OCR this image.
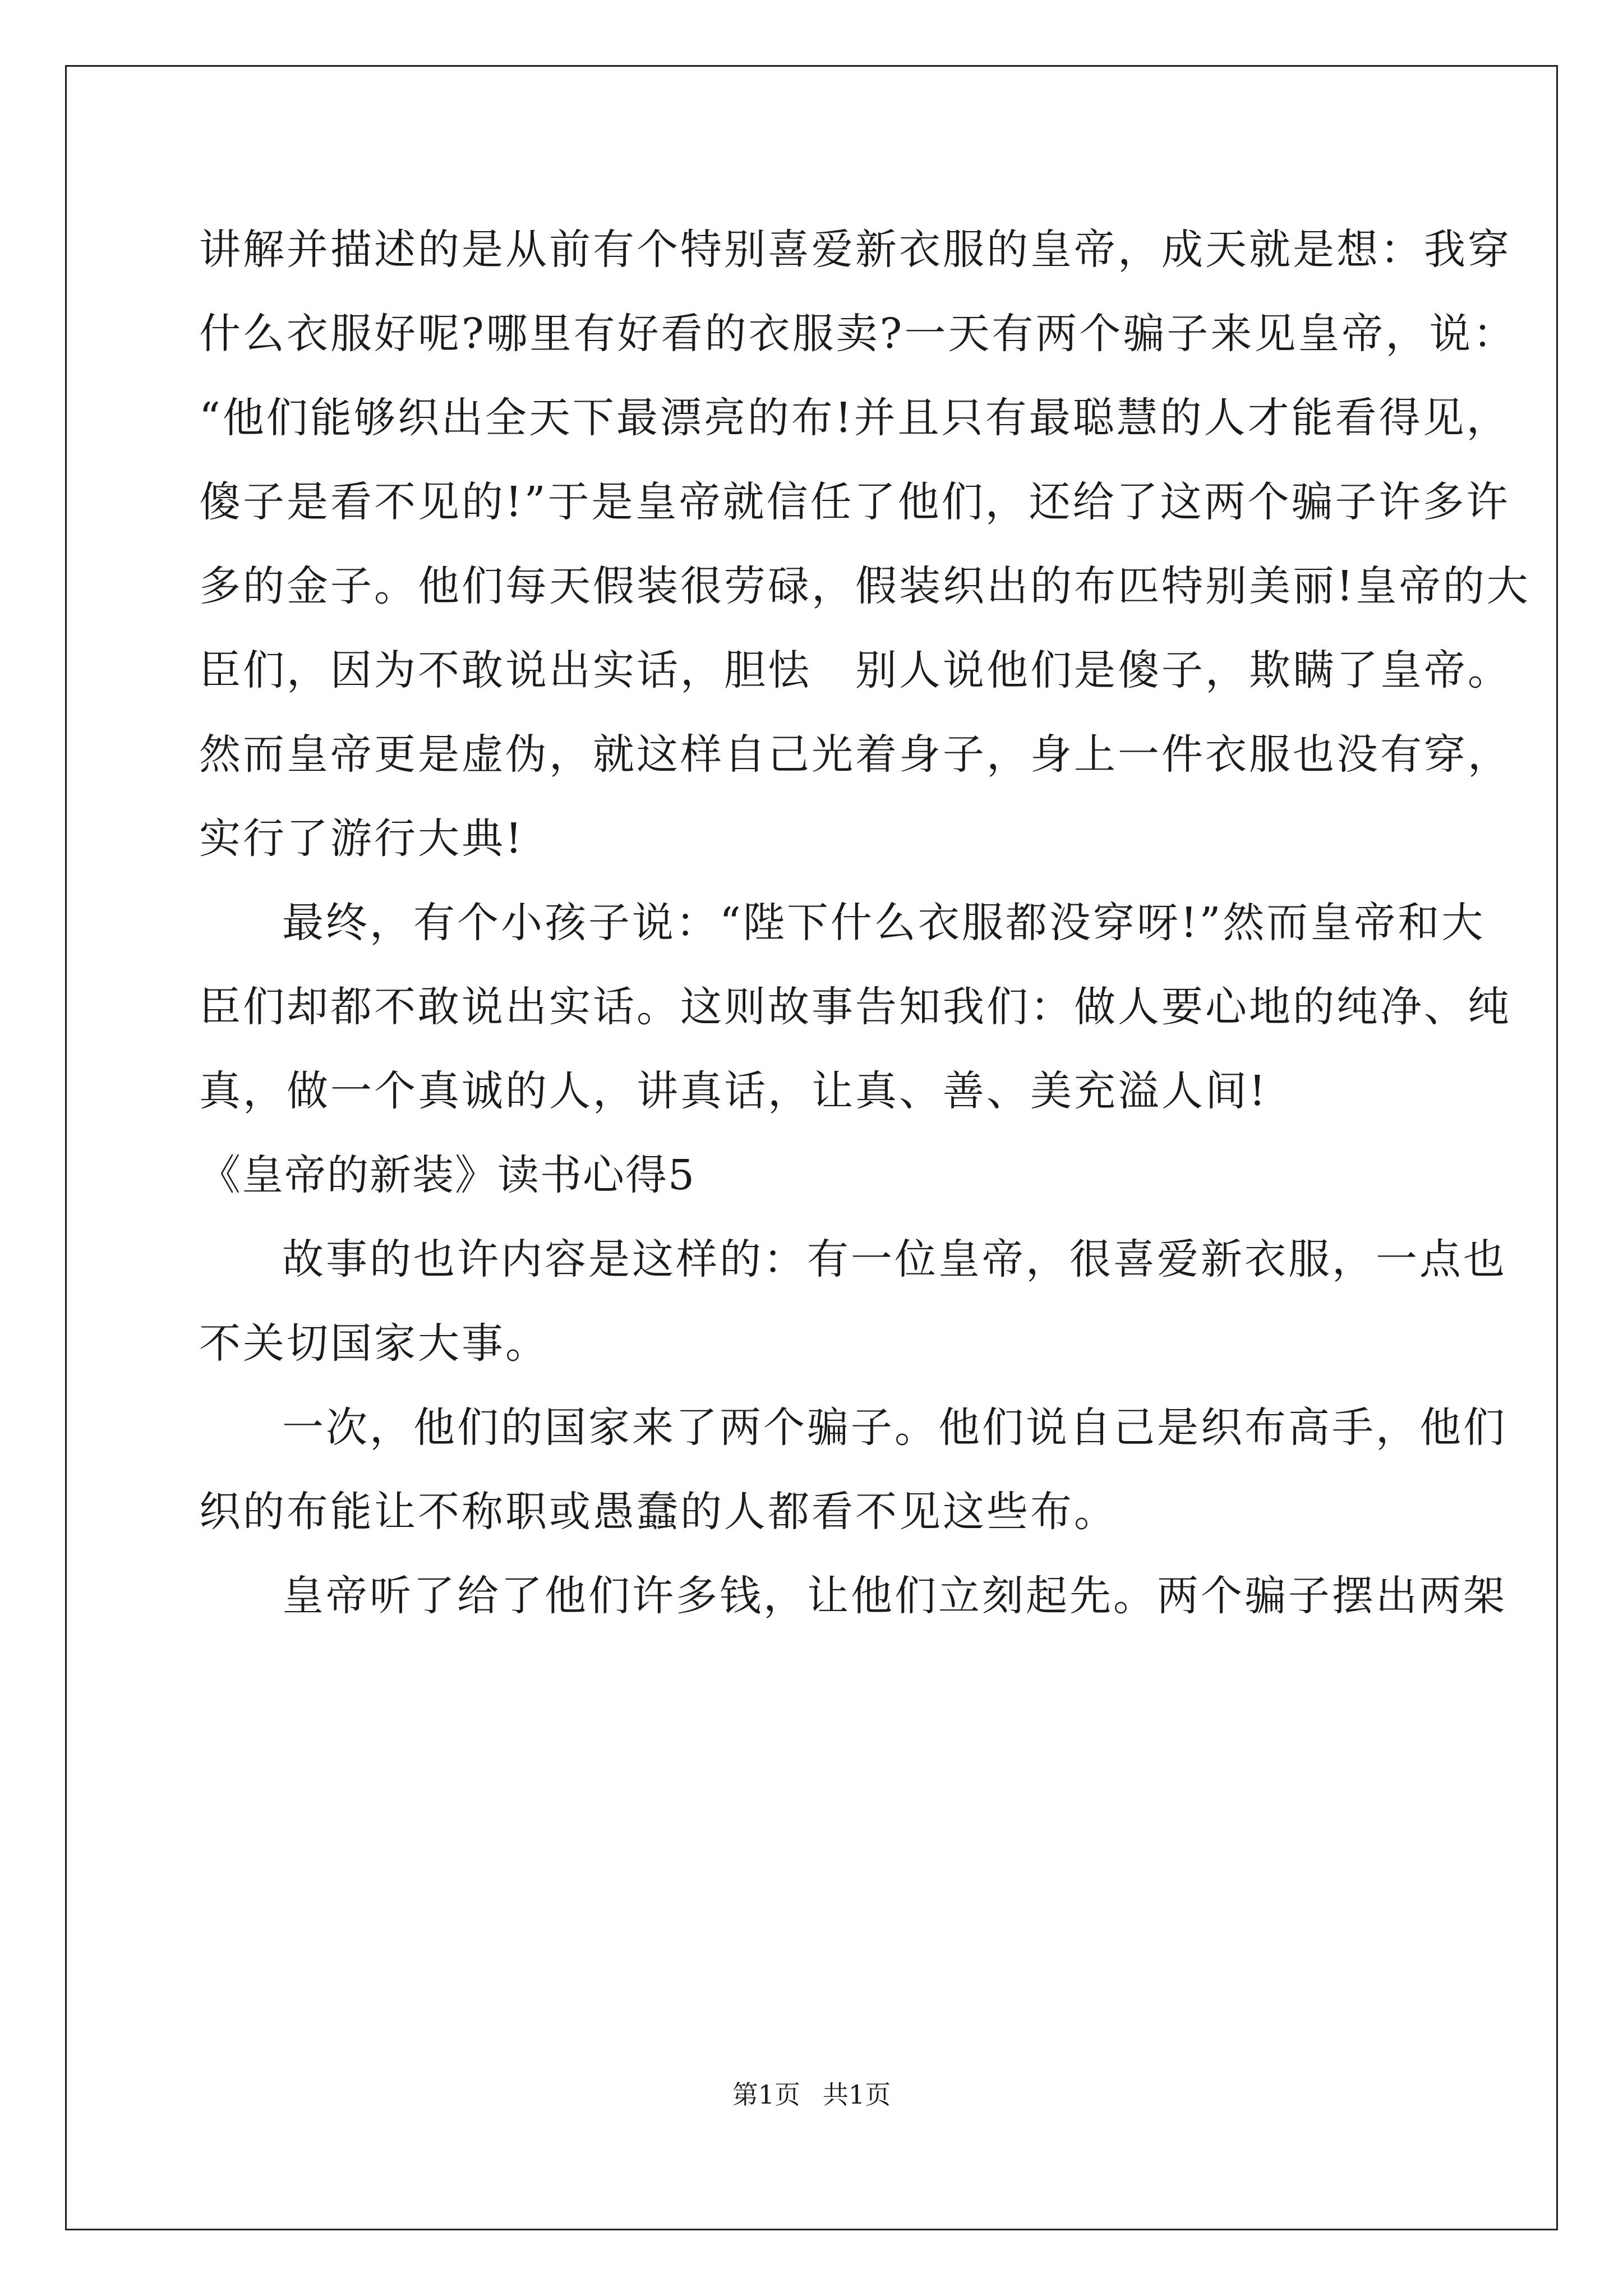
讲解并描述的是从前有个特别喜爱新衣服的皇帝，成天就是想：我穿
什么衣服好呢?哪里有好看的衣服卖?一天有两个骗子来见皇帝，说：
“他们能够织出全天下最漂亮的布!并且只有最聪慧的人才能看得见，
傻子是看不见的!”于是皇帝就信任了他们，还给了这两个骗子许多许
多的金子。他们每天假装很劳碌，假装织出的布匹特别美丽!皇帝的大
臣们，因为不敢说出实话，胆怯　别人说他们是傻子，欺瞒了皇帝。
然而皇帝更是虚伪，就这样自己光着身子，身上一件衣服也没有穿，
实行了游行大典!
最终，有个小孩子说：“陛下什么衣服都没穿呀!”然而皇帝和大
臣们却都不敢说出实话。这则故事告知我们：做人要心地的纯净、纯
真，做一个真诚的人，讲真话，让真、善、美充溢人间!
《皇帝的新装》读书心得5
故事的也许内容是这样的：有一位皇帝，很喜爱新衣服，一点也
不关切国家大事。
一次，他们的国家来了两个骗子。他们说自己是织布高手，他们
织的布能让不称职或愚蠢的人都看不见这些布。
皇帝听了给了他们许多钱，让他们立刻起先。两个骗子摆出两架
第1页 共1页
